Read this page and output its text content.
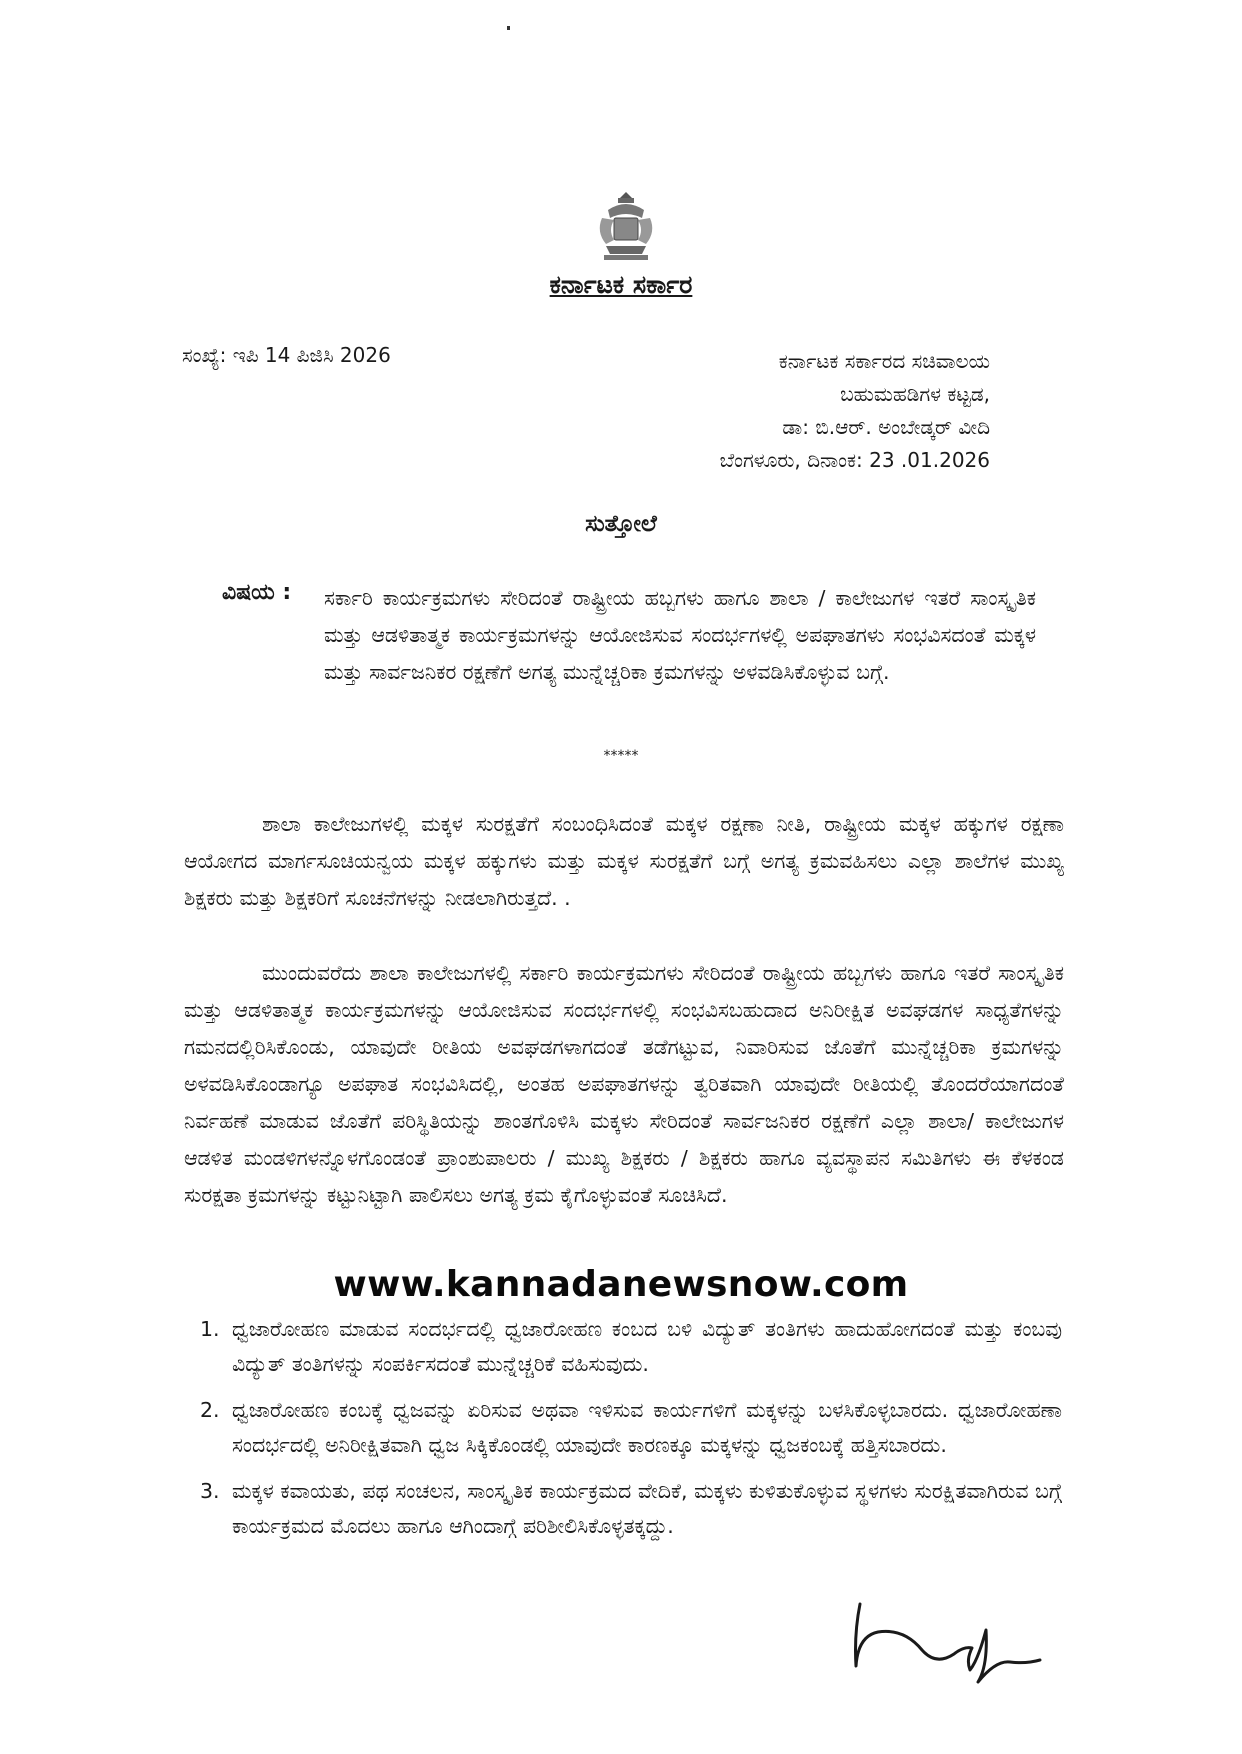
ಕರ್ನಾಟಕ ಸರ್ಕಾರ
ಸಂಖ್ಯೆ: ಇಪಿ 14 ಪಿಜಿಸಿ 2026	ಕರ್ನಾಟಕ ಸರ್ಕಾರದ ಸಚಿವಾಲಯ
ಬಹುಮಹಡಿಗಳ ಕಟ್ಟಡ,
ಡಾ: ಬಿ.ಆರ್. ಅಂಬೇಡ್ಕರ್ ವೀದಿ
ಬೆಂಗಳೂರು, ದಿನಾಂಕ: 23 .01.2026
ಸುತ್ತೋಲೆ
ವಿಷಯ : ಸರ್ಕಾರಿ ಕಾರ್ಯಕ್ರಮಗಳು ಸೇರಿದಂತೆ ರಾಷ್ಟ್ರೀಯ ಹಬ್ಬಗಳು ಹಾಗೂ ಶಾಲಾ / ಕಾಲೇಜುಗಳ ಇತರೆ ಸಾಂಸ್ಕೃತಿಕ ಮತ್ತು ಆಡಳಿತಾತ್ಮಕ ಕಾರ್ಯಕ್ರಮಗಳನ್ನು ಆಯೋಜಿಸುವ ಸಂದರ್ಭಗಳಲ್ಲಿ ಅಪಘಾತಗಳು ಸಂಭವಿಸದಂತೆ ಮಕ್ಕಳ ಮತ್ತು ಸಾರ್ವಜನಿಕರ ರಕ್ಷಣೆಗೆ ಅಗತ್ಯ ಮುನ್ನೆಚ್ಚರಿಕಾ ಕ್ರಮಗಳನ್ನು ಅಳವಡಿಸಿಕೊಳ್ಳುವ ಬಗ್ಗೆ.
*****
ಶಾಲಾ ಕಾಲೇಜುಗಳಲ್ಲಿ ಮಕ್ಕಳ ಸುರಕ್ಷತೆಗೆ ಸಂಬಂಧಿಸಿದಂತೆ ಮಕ್ಕಳ ರಕ್ಷಣಾ ನೀತಿ, ರಾಷ್ಟ್ರೀಯ ಮಕ್ಕಳ ಹಕ್ಕುಗಳ ರಕ್ಷಣಾ ಆಯೋಗದ ಮಾರ್ಗಸೂಚಿಯನ್ವಯ ಮಕ್ಕಳ ಹಕ್ಕುಗಳು ಮತ್ತು ಮಕ್ಕಳ ಸುರಕ್ಷತೆಗೆ ಬಗ್ಗೆ ಅಗತ್ಯ ಕ್ರಮವಹಿಸಲು ಎಲ್ಲಾ ಶಾಲೆಗಳ ಮುಖ್ಯ ಶಿಕ್ಷಕರು ಮತ್ತು ಶಿಕ್ಷಕರಿಗೆ ಸೂಚನೆಗಳನ್ನು ನೀಡಲಾಗಿರುತ್ತದೆ. .
ಮುಂದುವರೆದು ಶಾಲಾ ಕಾಲೇಜುಗಳಲ್ಲಿ ಸರ್ಕಾರಿ ಕಾರ್ಯಕ್ರಮಗಳು ಸೇರಿದಂತೆ ರಾಷ್ಟ್ರೀಯ ಹಬ್ಬಗಳು ಹಾಗೂ ಇತರೆ ಸಾಂಸ್ಕೃತಿಕ ಮತ್ತು ಆಡಳಿತಾತ್ಮಕ ಕಾರ್ಯಕ್ರಮಗಳನ್ನು ಆಯೋಜಿಸುವ ಸಂದರ್ಭಗಳಲ್ಲಿ ಸಂಭವಿಸಬಹುದಾದ ಅನಿರೀಕ್ಷಿತ ಅವಘಡಗಳ ಸಾಧ್ಯತೆಗಳನ್ನು ಗಮನದಲ್ಲಿರಿಸಿಕೊಂಡು, ಯಾವುದೇ ರೀತಿಯ ಅವಘಡಗಳಾಗದಂತೆ ತಡೆಗಟ್ಟುವ, ನಿವಾರಿಸುವ ಜೊತೆಗೆ ಮುನ್ನೆಚ್ಚರಿಕಾ ಕ್ರಮಗಳನ್ನು ಅಳವಡಿಸಿಕೊಂಡಾಗ್ಯೂ ಅಪಘಾತ ಸಂಭವಿಸಿದಲ್ಲಿ, ಅಂತಹ ಅಪಘಾತಗಳನ್ನು ತ್ವರಿತವಾಗಿ ಯಾವುದೇ ರೀತಿಯಲ್ಲಿ ತೊಂದರೆಯಾಗದಂತೆ ನಿರ್ವಹಣೆ ಮಾಡುವ ಜೊತೆಗೆ ಪರಿಸ್ಥಿತಿಯನ್ನು ಶಾಂತಗೊಳಿಸಿ ಮಕ್ಕಳು ಸೇರಿದಂತೆ ಸಾರ್ವಜನಿಕರ ರಕ್ಷಣೆಗೆ ಎಲ್ಲಾ ಶಾಲಾ/ ಕಾಲೇಜುಗಳ ಆಡಳಿತ ಮಂಡಳಿಗಳನ್ನೊಳಗೊಂಡಂತೆ ಪ್ರಾಂಶುಪಾಲರು / ಮುಖ್ಯ ಶಿಕ್ಷಕರು / ಶಿಕ್ಷಕರು ಹಾಗೂ ವ್ಯವಸ್ಥಾಪನ ಸಮಿತಿಗಳು ಈ ಕೆಳಕಂಡ ಸುರಕ್ಷತಾ ಕ್ರಮಗಳನ್ನು ಕಟ್ಟುನಿಟ್ಟಾಗಿ ಪಾಲಿಸಲು ಅಗತ್ಯ ಕ್ರಮ ಕೈಗೊಳ್ಳುವಂತೆ ಸೂಚಿಸಿದೆ.
www.kannadanewsnow.com
1. ಧ್ವಜಾರೋಹಣ ಮಾಡುವ ಸಂದರ್ಭದಲ್ಲಿ ಧ್ವಜಾರೋಹಣ ಕಂಬದ ಬಳಿ ವಿದ್ಯುತ್ ತಂತಿಗಳು ಹಾದುಹೋಗದಂತೆ ಮತ್ತು ಕಂಬವು ವಿದ್ಯುತ್ ತಂತಿಗಳನ್ನು ಸಂಪರ್ಕಿಸದಂತೆ ಮುನ್ನೆಚ್ಚರಿಕೆ ವಹಿಸುವುದು.
2. ಧ್ವಜಾರೋಹಣ ಕಂಬಕ್ಕೆ ಧ್ವಜವನ್ನು ಏರಿಸುವ ಅಥವಾ ಇಳಿಸುವ ಕಾರ್ಯಗಳಿಗೆ ಮಕ್ಕಳನ್ನು ಬಳಸಿಕೊಳ್ಳಬಾರದು. ಧ್ವಜಾರೋಹಣಾ ಸಂದರ್ಭದಲ್ಲಿ ಅನಿರೀಕ್ಷಿತವಾಗಿ ಧ್ವಜ ಸಿಕ್ಕಿಕೊಂಡಲ್ಲಿ ಯಾವುದೇ ಕಾರಣಕ್ಕೂ ಮಕ್ಕಳನ್ನು ಧ್ವಜಕಂಬಕ್ಕೆ ಹತ್ತಿಸಬಾರದು.
3. ಮಕ್ಕಳ ಕವಾಯತು, ಪಥ ಸಂಚಲನ, ಸಾಂಸ್ಕೃತಿಕ ಕಾರ್ಯಕ್ರಮದ ವೇದಿಕೆ, ಮಕ್ಕಳು ಕುಳಿತುಕೊಳ್ಳುವ ಸ್ಥಳಗಳು ಸುರಕ್ಷಿತವಾಗಿರುವ ಬಗ್ಗೆ ಕಾರ್ಯಕ್ರಮದ ಮೊದಲು ಹಾಗೂ ಆಗಿಂದಾಗ್ಗೆ ಪರಿಶೀಲಿಸಿಕೊಳ್ಳತಕ್ಕದ್ದು.
